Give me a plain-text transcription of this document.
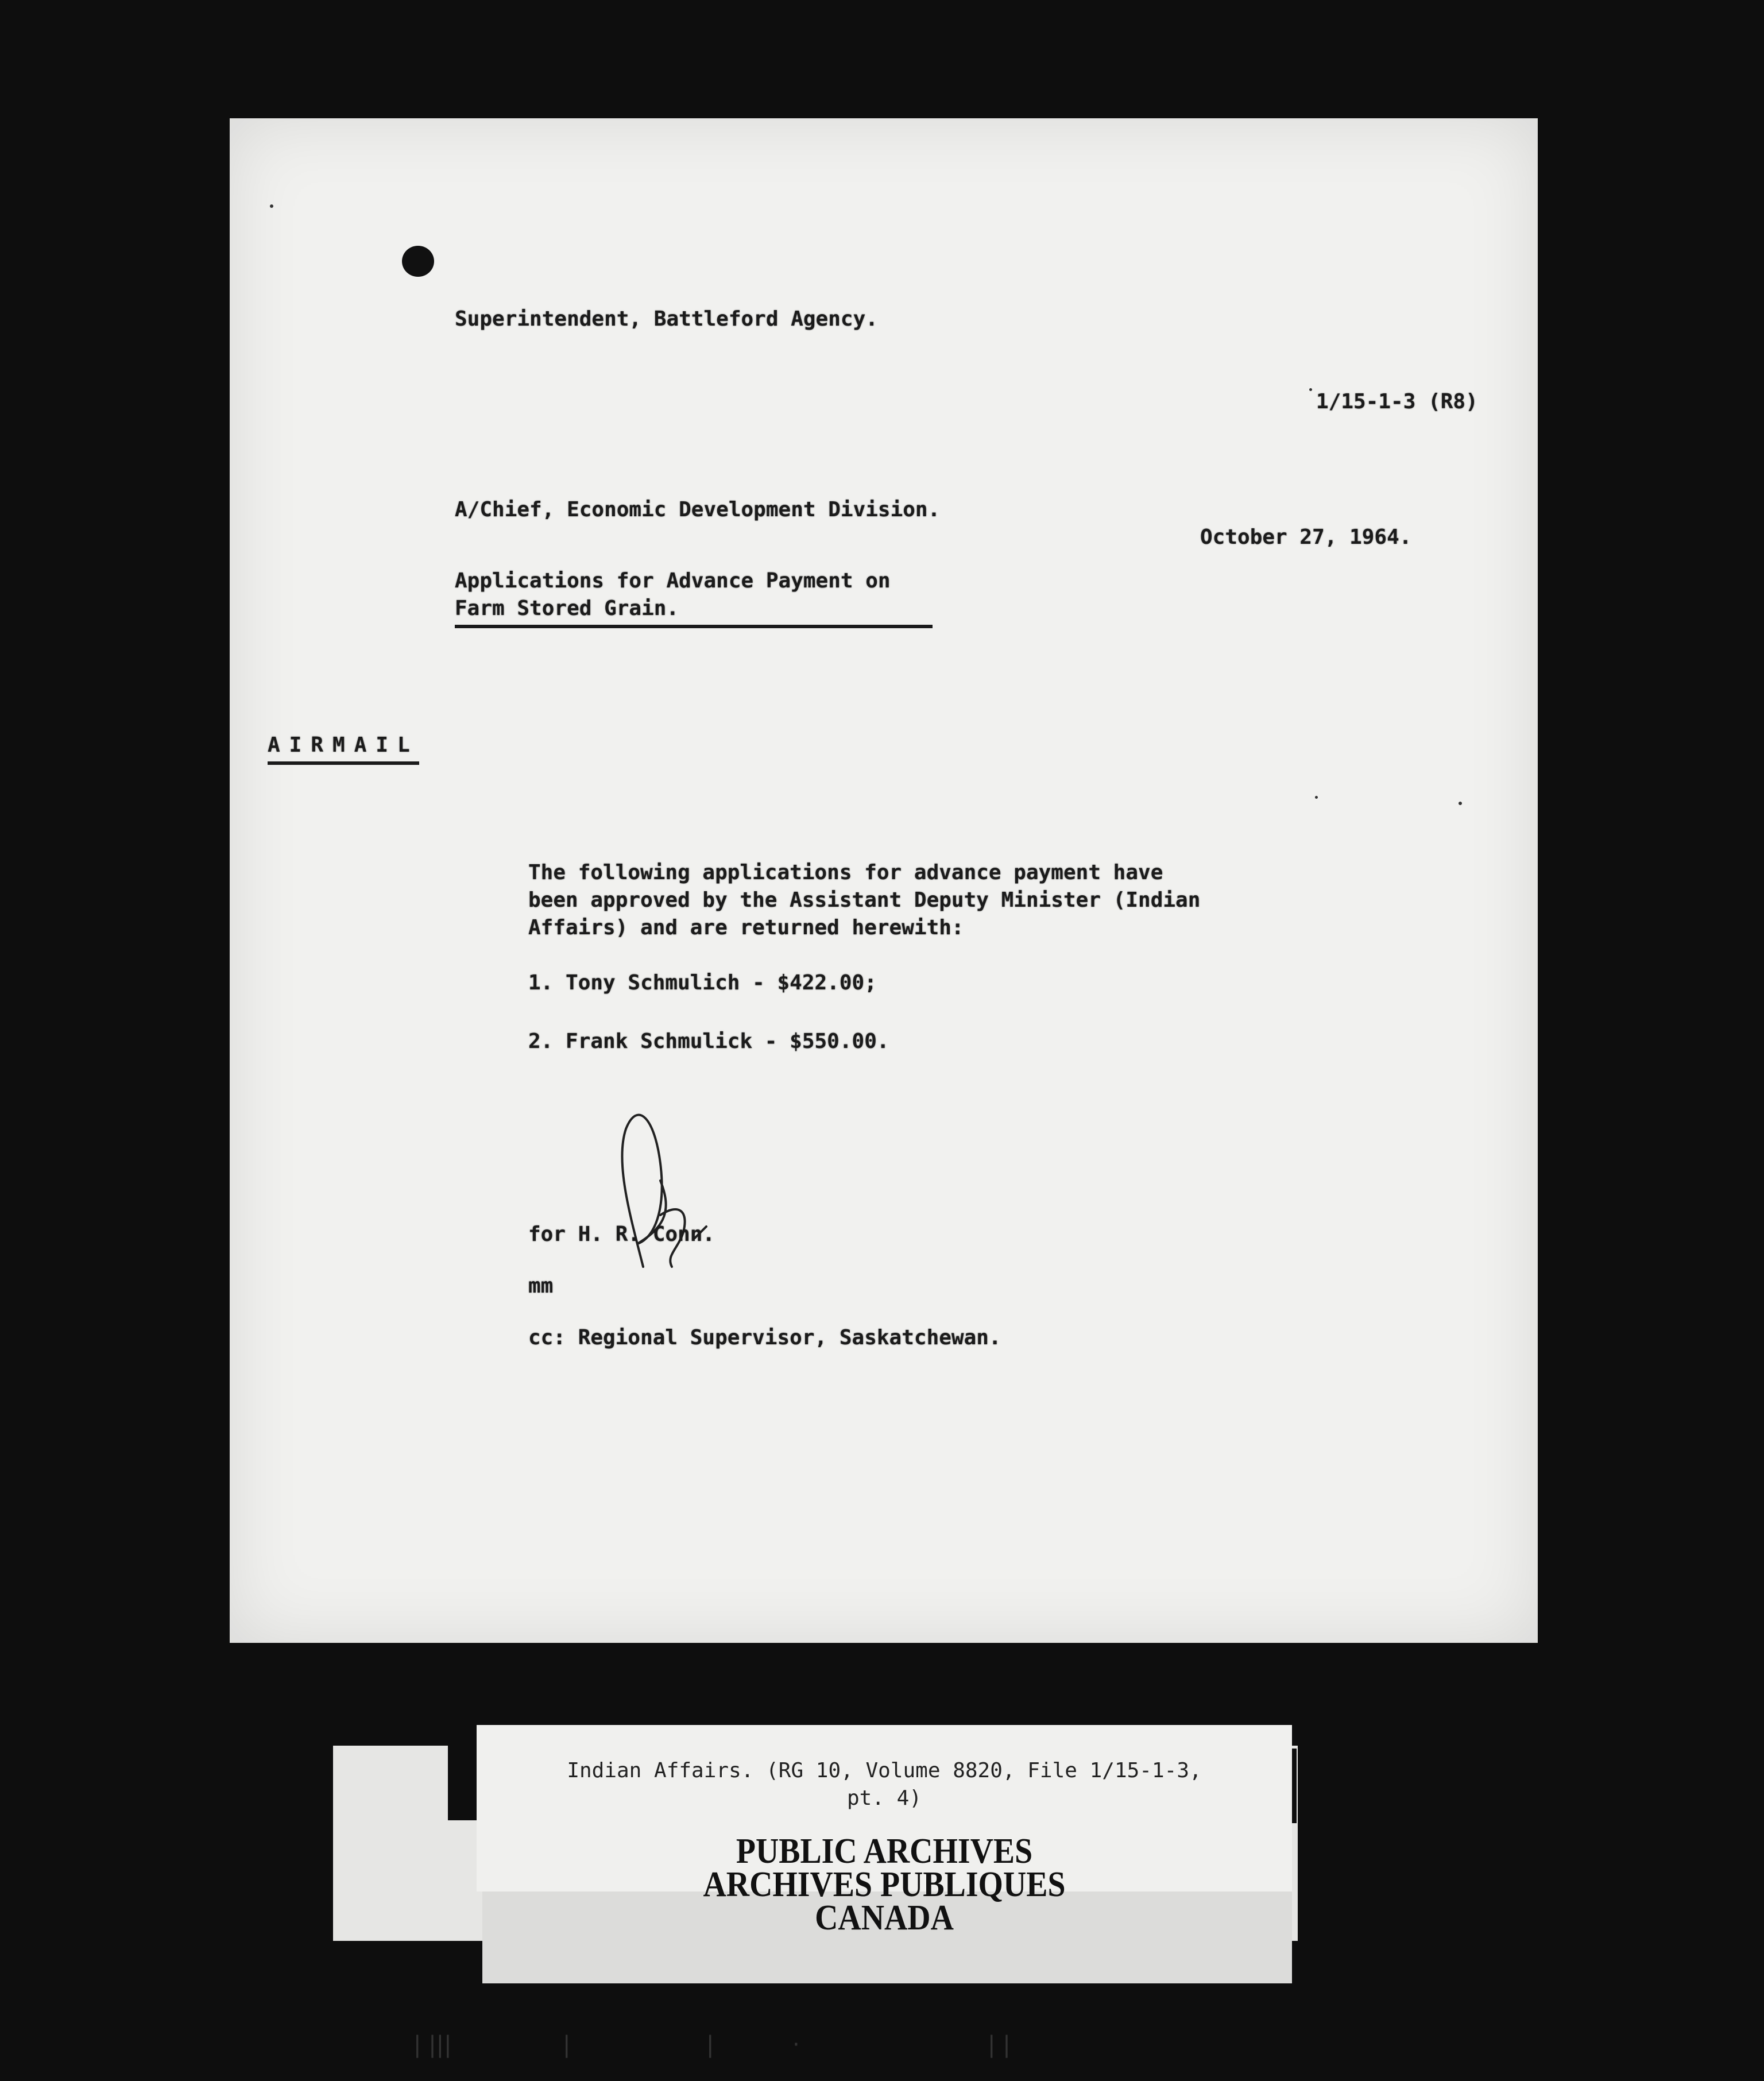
Superintendent, Battleford Agency.
1/15-1-3 (R8)
A/Chief, Economic Development Division.
October 27, 1964.
Applications for Advance Payment on
Farm Stored Grain.
AIRMAIL
The following applications for advance payment have
been approved by the Assistant Deputy Minister (Indian
Affairs) and are returned herewith:
1. Tony Schmulich - $422.00;
2. Frank Schmulick - $550.00.
for H. R. Conn.
mm
cc: Regional Supervisor, Saskatchewan.
Indian Affairs. (RG 10, Volume 8820, File 1/15-1-3,
pt. 4)
PUBLIC ARCHIVES
ARCHIVES PUBLIQUES
CANADA
| |||	|	|	·	| |
